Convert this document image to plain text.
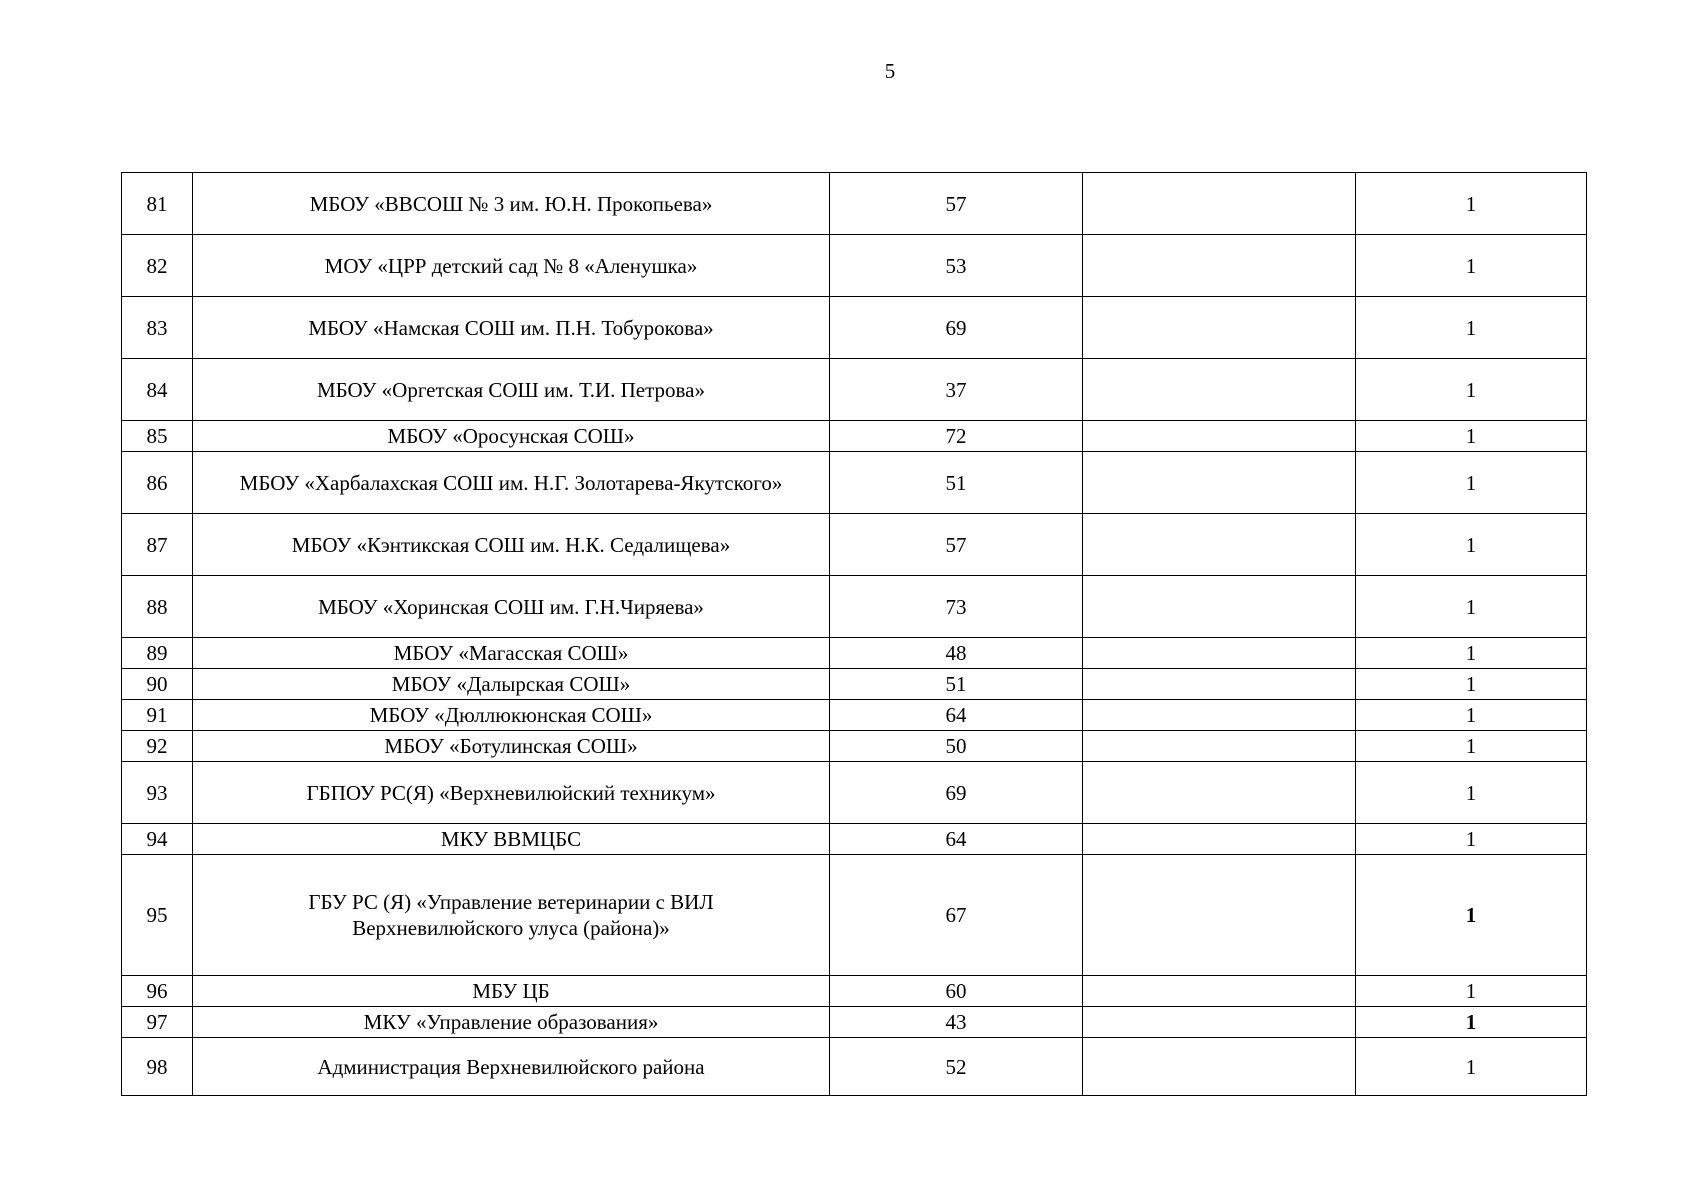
5
81	МБОУ «ВВСОШ № 3 им. Ю.Н. Прокопьева»	57		1
82	МОУ «ЦРР детский сад № 8 «Аленушка»	53		1
83	МБОУ «Намская СОШ им. П.Н. Тобурокова»	69		1
84	МБОУ «Оргетская СОШ им. Т.И. Петрова»	37		1
85	МБОУ «Оросунская СОШ»	72		1
86	МБОУ «Харбалахская СОШ им. Н.Г. Золотарева-Якутского»	51		1
87	МБОУ «Кэнтикская СОШ им. Н.К. Седалищева»	57		1
88	МБОУ «Хоринская СОШ им. Г.Н.Чиряева»	73		1
89	МБОУ «Магасская СОШ»	48		1
90	МБОУ «Далырская СОШ»	51		1
91	МБОУ «Дюллюкюнская СОШ»	64		1
92	МБОУ «Ботулинская СОШ»	50		1
93	ГБПОУ РС(Я) «Верхневилюйский техникум»	69		1
94	МКУ ВВМЦБС	64		1
95	ГБУ РС (Я) «Управление ветеринарии с ВИЛ
Верхневилюйского улуса (района)»	67		1
96	МБУ ЦБ	60		1
97	МКУ «Управление образования»	43		1
98	Администрация Верхневилюйского района	52		1
